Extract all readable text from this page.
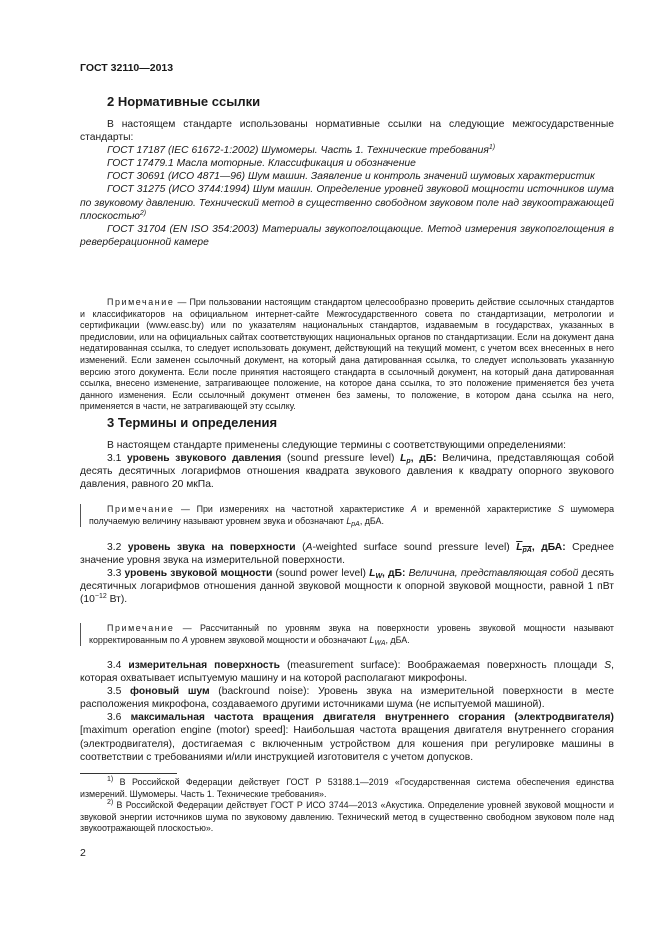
ГОСТ 32110—2013
2 Нормативные ссылки

В настоящем стандарте использованы нормативные ссылки на следующие межгосударственные стандарты:

ГОСТ 17187 (IEC 61672-1:2002) Шумомеры. Часть 1. Технические требования$^{1)}$

ГОСТ 17479.1 Масла моторные. Классификация и обозначение

ГОСТ 30691 (ИСО 4871—96) Шум машин. Заявление и контроль значений шумовых характеристик

ГОСТ 31275 (ИСО 3744:1994) Шум машин. Определение уровней звуковой мощности источников шума по звуковому давлению. Технический метод в существенно свободном звуковом поле над звукоотражающей плоскостью$^{2)}$

ГОСТ 31704 (EN ISO 354:2003) Материалы звукопоглощающие. Метод измерения звукопоглощения в реверберационной камере

Примечание — При пользовании настоящим стандартом целесообразно проверить действие ссылочных стандартов и классификаторов на официальном интернет-сайте Межгосударственного совета по стандартизации, метрологии и сертификации (www.easc.by) или по указателям национальных стандартов, издаваемым в государствах, указанных в предисловии, или на официальных сайтах соответствующих национальных органов по стандартизации. Если на документ дана недатированная ссылка, то следует использовать документ, действующий на текущий момент, с учетом всех внесенных в него изменений. Если заменен ссылочный документ, на который дана датированная ссылка, то следует использовать указанную версию этого документа. Если после принятия настоящего стандарта в ссылочный документ, на который дана датированная ссылка, внесено изменение, затрагивающее положение, на которое дана ссылка, то это положение применяется без учета данного изменения. Если ссылочный документ отменен без замены, то положение, в котором дана ссылка на него, применяется в части, не затрагивающей эту ссылку.

3 Термины и определения

В настоящем стандарте применены следующие термины с соответствующими определениями:

3.1 уровень звукового давления (sound pressure level) $L_p$, дБ: Величина, представляющая собой десять десятичных логарифмов отношения квадрата звукового давления к квадрату опорного звукового давления, равного 20 мкПа.

Примечание — При измерениях на частотной характеристике A и временнóй характеристике S шумомера получаемую величину называют уровнем звука и обозначают $L_{pA}$, дБА.

3.2 уровень звука на поверхности (A-weighted surface sound pressure level) $L_{pA}$, дБА: Среднее значение уровня звука на измерительной поверхности.

3.3 уровень звуковой мощности (sound power level) $L_W$, дБ: Величина, представляющая собой десять десятичных логарифмов отношения данной звуковой мощности к опорной звуковой мощности, равной 1 пВт ($10^{-12}$ Вт).

Примечание — Рассчитанный по уровням звука на поверхности уровень звуковой мощности называют корректированным по A уровнем звуковой мощности и обозначают $L_{WA}$, дБА.

3.4 измерительная поверхность (measurement surface): Воображаемая поверхность площади S, которая охватывает испытуемую машину и на которой располагают микрофоны.

3.5 фоновый шум (backround noise): Уровень звука на измерительной поверхности в месте расположения микрофона, создаваемого другими источниками шума (не испытуемой машиной).

3.6 максимальная частота вращения двигателя внутреннего сгорания (электродвигателя) [maximum operation engine (motor) speed]: Наибольшая частота вращения двигателя внутреннего сгорания (электродвигателя), достигаемая с включенным устройством для кошения при регулировке машины в соответствии с требованиями и/или инструкцией изготовителя с учетом допусков.

$^{1)}$ В Российской Федерации действует ГОСТ Р 53188.1—2019 «Государственная система обеспечения единства измерений. Шумомеры. Часть 1. Технические требования».

$^{2)}$ В Российской Федерации действует ГОСТ Р ИСО 3744—2013 «Акустика. Определение уровней звуковой мощности и звуковой энергии источников шума по звуковому давлению. Технический метод в существенно свободном звуковом поле над звукоотражающей плоскостью».

2
